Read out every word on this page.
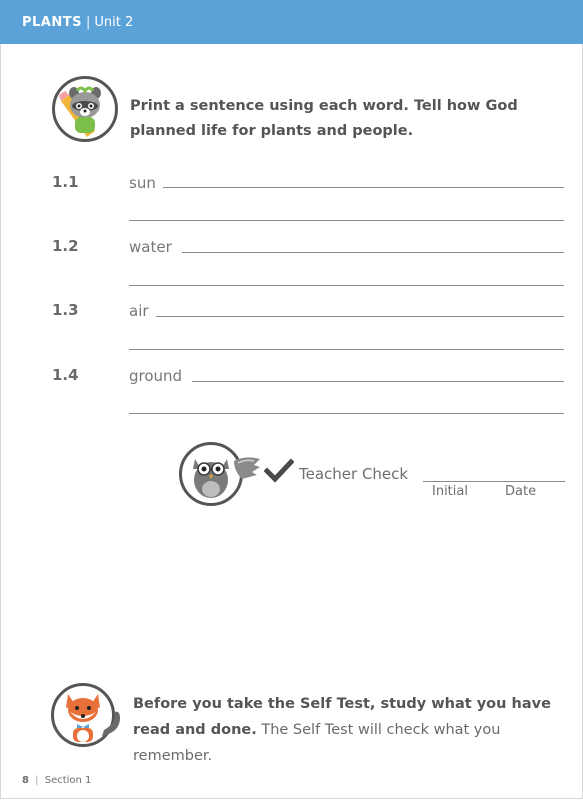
PLANTS | Unit 2
Print a sentence using each word. Tell how God planned life for plants and people.
1.1	sun
1.2	water
1.3	air
1.4	ground
Teacher Check
Initial	Date
Before you take the Self Test, study what you have read and done. The Self Test will check what you remember.
8 | Section 1
